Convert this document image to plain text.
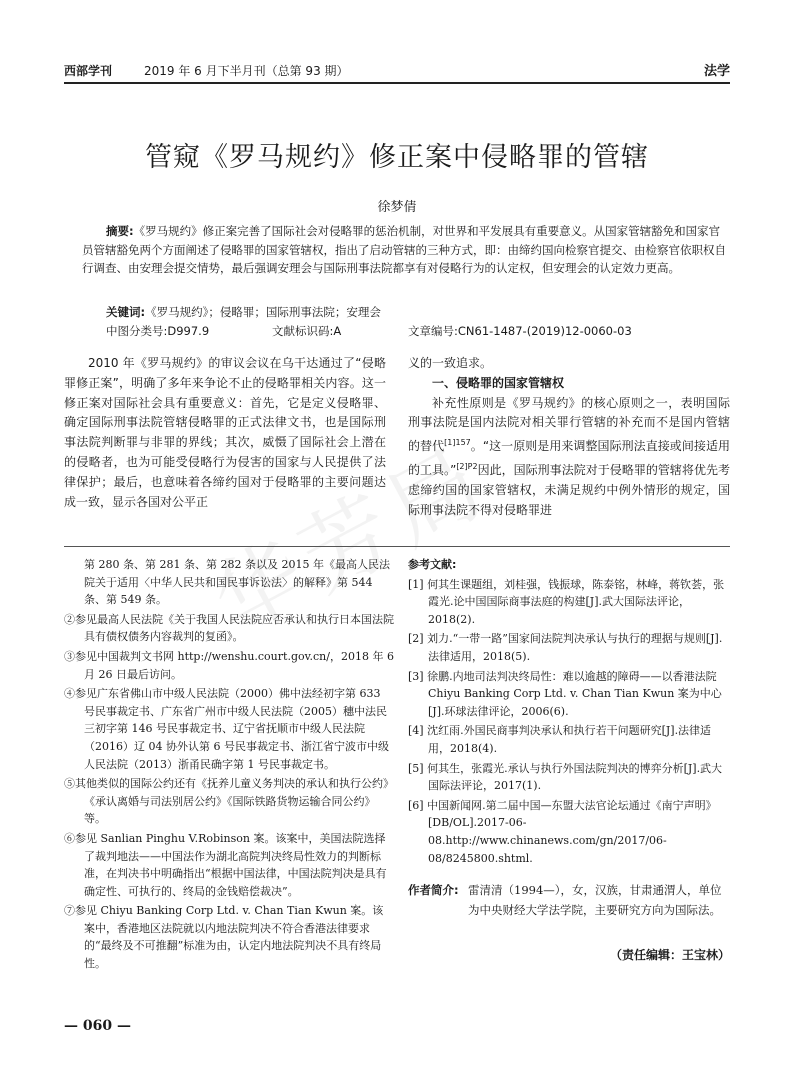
西部学刊	2019 年 6 月下半月刊（总第 93 期）	法学
管窥《罗马规约》修正案中侵略罪的管辖
徐梦倩
摘要:《罗马规约》修正案完善了国际社会对侵略罪的惩治机制，对世界和平发展具有重要意义。从国家管辖豁免和国家官员管辖豁免两个方面阐述了侵略罪的国家管辖权，指出了启动管辖的三种方式，即：由缔约国向检察官提交、由检察官依职权自行调查、由安理会提交情势，最后强调安理会与国际刑事法院都享有对侵略行为的认定权，但安理会的认定效力更高。
关键词:《罗马规约》；侵略罪；国际刑事法院；安理会
中图分类号:D997.9	文献标识码:A	文章编号:CN61-1487-(2019)12-0060-03

2010 年《罗马规约》的审议会议在乌干达通过了“侵略罪修正案”，明确了多年来争论不止的侵略罪相关内容。这一修正案对国际社会具有重要意义：首先，它是定义侵略罪、确定国际刑事法院管辖侵略罪的正式法律文书，也是国际刑事法院判断罪与非罪的界线；其次，威慑了国际社会上潜在的侵略者，也为可能受侵略行为侵害的国家与人民提供了法律保护；最后，也意味着各缔约国对于侵略罪的主要问题达成一致，显示各国对公平正

义的一致追求。

一、侵略罪的国家管辖权

补充性原则是《罗马规约》的核心原则之一，表明国际刑事法院是国内法院对相关罪行管辖的补充而不是国内管辖的替代$^{[1]157}$。“这一原则是用来调整国际刑法直接或间接适用的工具。”$^{[2]P2}$因此，国际刑事法院对于侵略罪的管辖将优先考虑缔约国的国家管辖权，未满足规约中例外情形的规定，国际刑事法院不得对侵略罪进

第 280 条、第 281 条、第 282 条以及 2015 年《最高人民法院关于适用〈中华人民共和国民事诉讼法〉的解释》第 544 条、第 549 条。

②参见最高人民法院《关于我国人民法院应否承认和执行日本国法院具有债权债务内容裁判的复函》。

③参见中国裁判文书网 http://wenshu.court.gov.cn/，2018 年 6 月 26 日最后访问。

④参见广东省佛山市中级人民法院（2000）佛中法经初字第 633 号民事裁定书、广东省广州市中级人民法院（2005）穗中法民三初字第 146 号民事裁定书、辽宁省抚顺市中级人民法院（2016）辽 04 协外认第 6 号民事裁定书、浙江省宁波市中级人民法院（2013）浙甬民确字第 1 号民事裁定书。

⑤其他类似的国际公约还有《抚养儿童义务判决的承认和执行公约》《承认离婚与司法别居公约》《国际铁路货物运输合同公约》等。

⑥参见 Sanlian Pinghu V.Robinson 案。该案中，美国法院选择了裁判地法——中国法作为湖北高院判决终局性效力的判断标准，在判决书中明确指出“根据中国法律，中国法院判决是具有确定性、可执行的、终局的金钱赔偿裁决”。

⑦参见 Chiyu Banking Corp Ltd. v. Chan Tian Kwun 案。该案中，香港地区法院就以内地法院判决不符合香港法律要求的“最终及不可推翻”标准为由，认定内地法院判决不具有终局性。

参考文献:

[1] 何其生课题组，刘桂强，钱振球，陈泰铭，林峰，蒋钦荟，张霞光.论中国国际商事法庭的构建[J].武大国际法评论，2018(2).

[2] 刘力.“一带一路”国家间法院判决承认与执行的理据与规则[J].法律适用，2018(5).

[3] 徐鹏.内地司法判决终局性：难以逾越的障碍——以香港法院 Chiyu Banking Corp Ltd. v. Chan Tian Kwun 案为中心[J].环球法律评论，2006(6).

[4] 沈红雨.外国民商事判决承认和执行若干问题研究[J].法律适用，2018(4).

[5] 何其生，张霞光.承认与执行外国法院判决的博弈分析[J].武大国际法评论，2017(1).

[6] 中国新闻网.第二届中国—东盟大法官论坛通过《南宁声明》[DB/OL].2017-06-08.http://www.chinanews.com/gn/2017/06-08/8245800.shtml.

作者简介: 雷清清（1994—），女，汉族，甘肃通渭人，单位为中央财经大学法学院，主要研究方向为国际法。
（责任编辑：王宝林）
— 060 —
